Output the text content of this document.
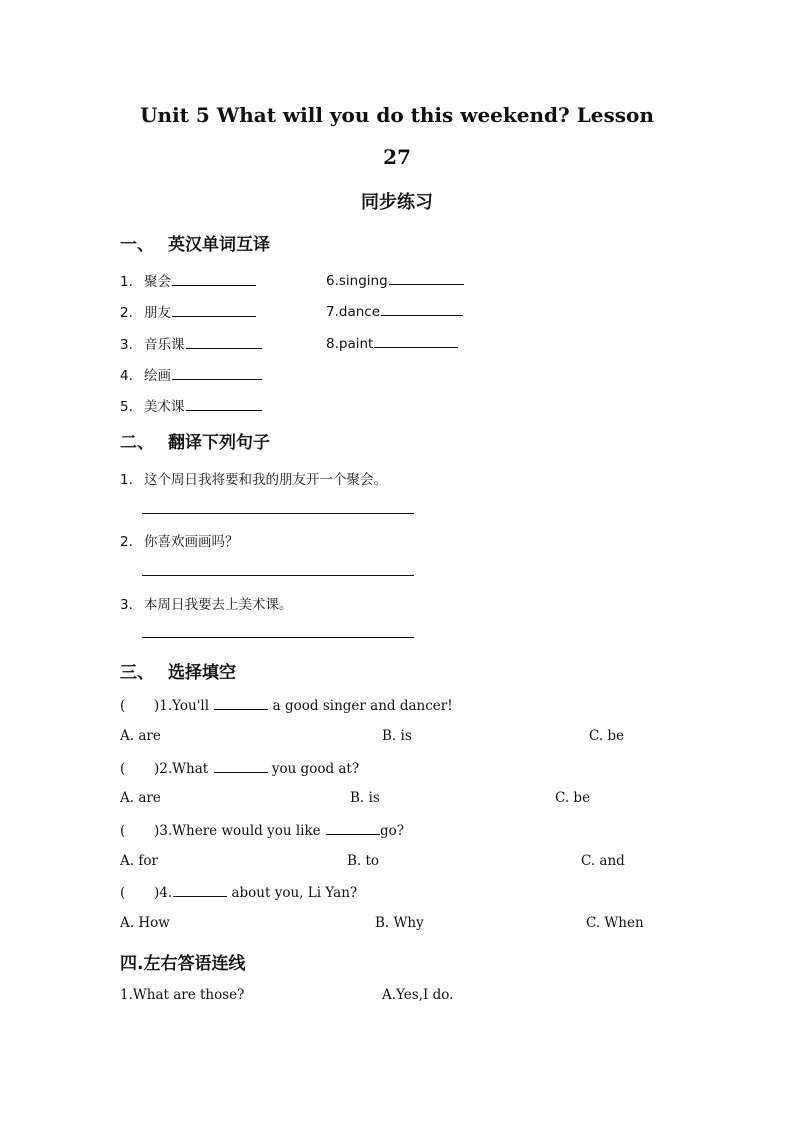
Unit 5 What will you do this weekend? Lesson
27
同步练习
一、 英汉单词互译
1. 聚会
2. 朋友
3. 音乐课
4. 绘画
5. 美术课
6.singing
7.dance
8.paint
二、 翻译下列句子
1. 这个周日我将要和我的朋友开一个聚会。
2. 你喜欢画画吗？
3. 本周日我要去上美术课。
三、 选择填空
( )1.You'll	a good singer and dancer!
A. are	B. is	C. be
( )2.What	you good at?
A. are	B. is	C. be
( )3.Where would you like	go?
A. for	B. to	C. and
( )4.	about you, Li Yan?
A. How	B. Why	C. When
四.左右答语连线
1.What are those?	A.Yes,I do.
